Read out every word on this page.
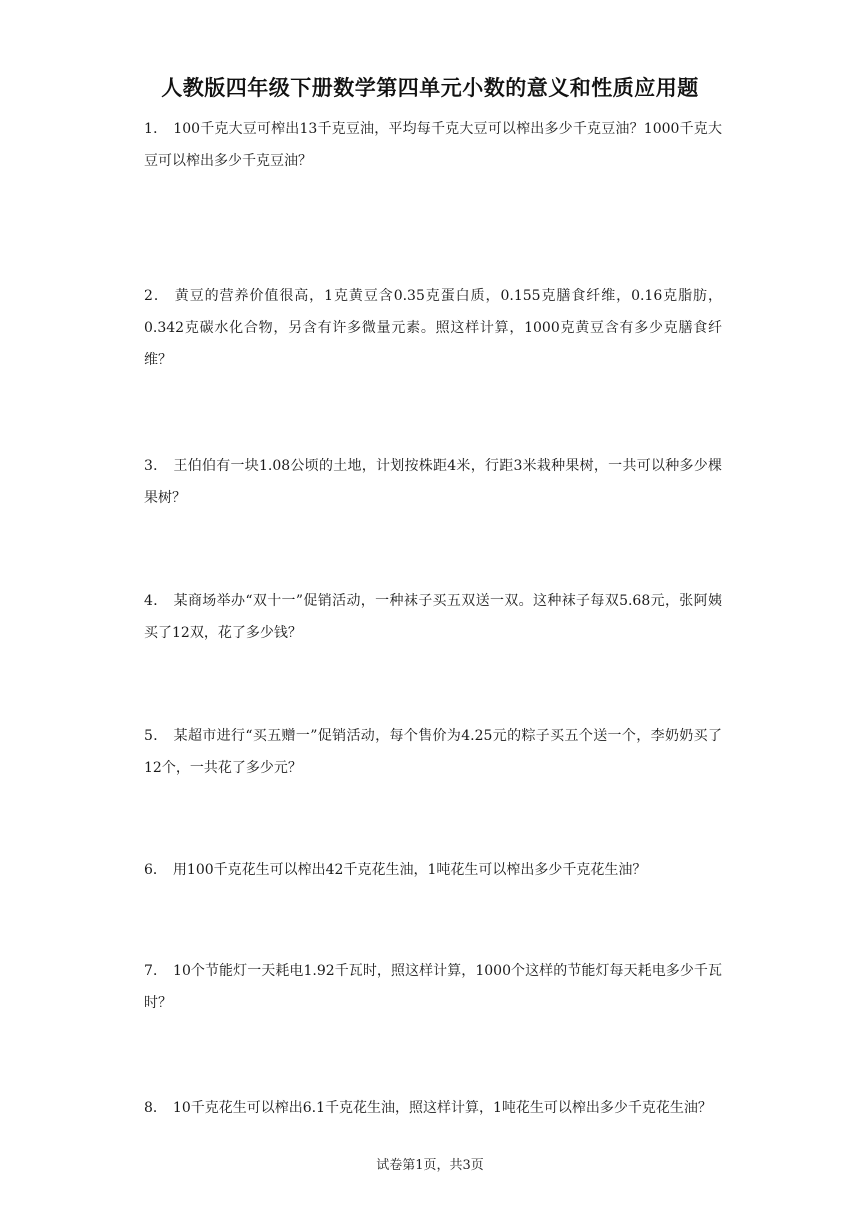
人教版四年级下册数学第四单元小数的意义和性质应用题
1． 100千克大豆可榨出13千克豆油，平均每千克大豆可以榨出多少千克豆油？1000千克大豆可以榨出多少千克豆油？
2． 黄豆的营养价值很高，1克黄豆含0.35克蛋白质，0.155克膳食纤维，0.16克脂肪，0.342克碳水化合物，另含有许多微量元素。照这样计算，1000克黄豆含有多少克膳食纤维？
3． 王伯伯有一块1.08公顷的土地，计划按株距4米，行距3米栽种果树，一共可以种多少棵果树？
4． 某商场举办“双十一”促销活动，一种袜子买五双送一双。这种袜子每双5.68元，张阿姨买了12双，花了多少钱？
5． 某超市进行“买五赠一”促销活动，每个售价为4.25元的粽子买五个送一个，李奶奶买了12个，一共花了多少元？
6． 用100千克花生可以榨出42千克花生油，1吨花生可以榨出多少千克花生油？
7． 10个节能灯一天耗电1.92千瓦时，照这样计算，1000个这样的节能灯每天耗电多少千瓦时？
8． 10千克花生可以榨出6.1千克花生油，照这样计算，1吨花生可以榨出多少千克花生油？
试卷第1页，共3页
